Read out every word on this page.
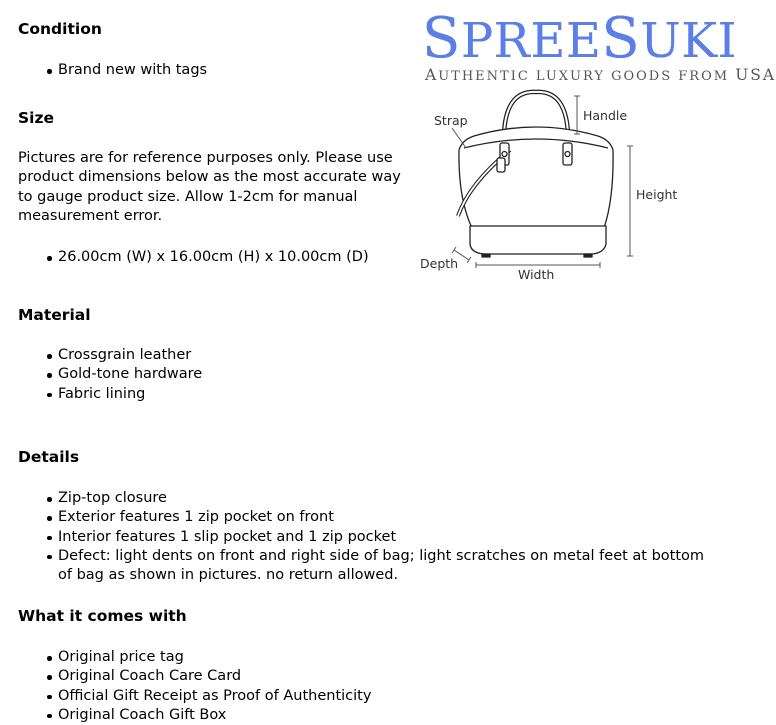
SPREESUKI
AUTHENTIC LUXURY GOODS FROM USA
Strap	Handle
Height
Depth
Width
Condition
Brand new with tags
Size

Pictures are for reference purposes only. Please use product dimensions below as the most accurate way to gauge product size. Allow 1-2cm for manual measurement error.

26.00cm (W) x 16.00cm (H) x 10.00cm (D)
Material
Crossgrain leather
Gold-tone hardware
Fabric lining
Details
Zip-top closure
Exterior features 1 zip pocket on front
Interior features 1 slip pocket and 1 zip pocket
Defect: light dents on front and right side of bag; light scratches on metal feet at bottom of bag as shown in pictures. no return allowed.
What it comes with
Original price tag
Original Coach Care Card
Official Gift Receipt as Proof of Authenticity
Original Coach Gift Box
